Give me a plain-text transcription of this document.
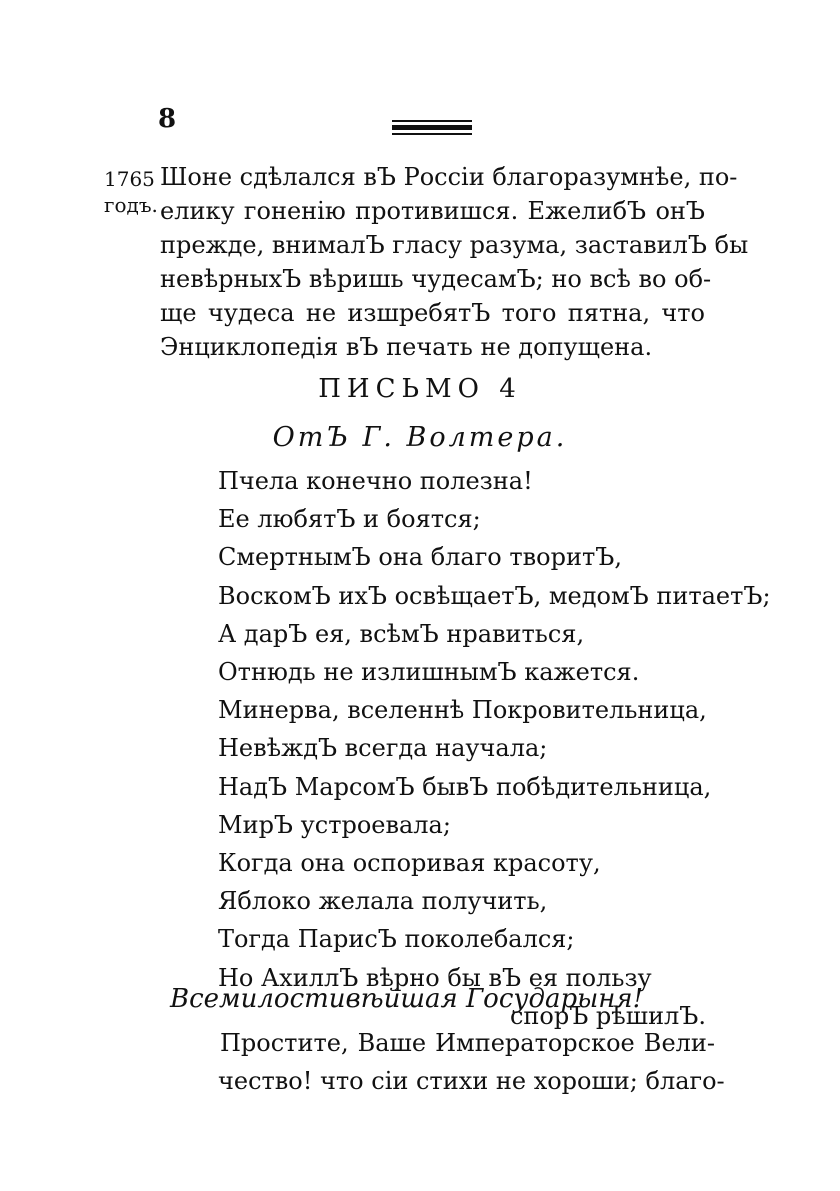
8
1765
годъ.
Шоне сдѣлался вЪ Россіи благоразумнѣе, по-
елику гоненію противишся. ЕжелибЪ онЪ
прежде, внималЪ гласу разума, заставилЪ бы
невѣрныхЪ вѣришь чудесамЪ; но всѣ во об-
ще чудеса не изшребятЪ того пятна, что
Энциклопедія вЪ печать не допущена.
ПИСЬМО 4
ОтЪ Г. Волтера.
Пчела конечно полезна!
Ее любятЪ и боятся;
СмертнымЪ она благо творитЪ,
ВоскомЪ ихЪ освѣщаетЪ, медомЪ питаетЪ;
А дарЪ ея, всѣмЪ нравиться,
Отнюдь не излишнымЪ кажется.
Минерва, вселеннѣ Покровительница,
НевѣждЪ всегда научала;
НадЪ МарсомЪ бывЪ побѣдительница,
МирЪ устроевала;
Когда она оспоривая красоту,
Яблоко желала получить,
Тогда ПарисЪ поколебался;
Но АхиллЪ вѣрно бы вЪ ея пользу
спорЪ рѣшилЪ.
Всемилостивѣйшая Государыня!
Простите, Ваше Императорское Вели-
чество! что сіи стихи не хороши; благо-
